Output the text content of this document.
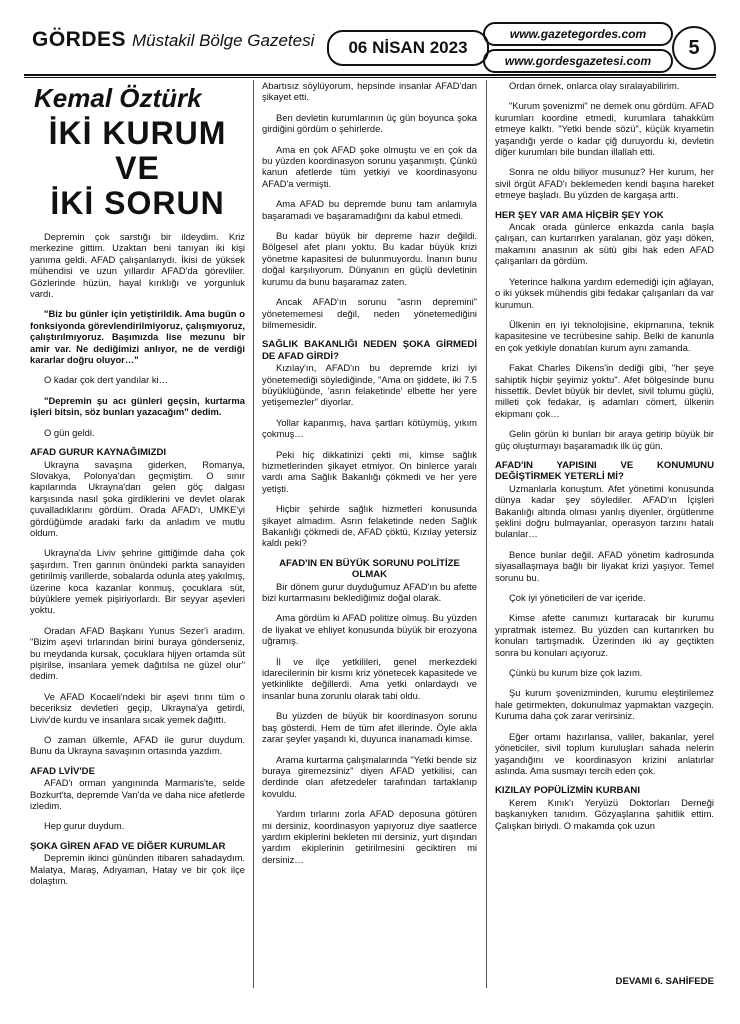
GÖRDES Müstakil Bölge Gazetesi	06 NİSAN 2023
www.gazetegordes.com
www.gordesgazetesi.com
5
Kemal Öztürk
İKİ KURUM
VE
İKİ SORUN

Depremin çok sarstığı bir ildeydim. Kriz merkezine gittim. Uzaktan beni tanıyan iki kişi yanıma geldi. AFAD çalışanlarıydı. İkisi de yüksek mühendisi ve uzun yıllardır AFAD'da görevliler. Gözlerinde hüzün, hayal kırıklığı ve yorgunluk vardı.

"Biz bu günler için yetiştirildik. Ama bugün o fonksiyonda görevlendirilmiyoruz, çalışmıyoruz, çalıştırılmıyoruz. Başımızda lise mezunu bir amir var. Ne dediğimizi anlıyor, ne de verdiği kararlar doğru oluyor…"

O kadar çok dert yandılar ki…

"Depremin şu acı günleri geçsin, kurtarma işleri bitsin, söz bunları yazacağım" dedim.

O gün geldi.

AFAD GURUR KAYNAĞIMIZDI

Ukrayna savaşına giderken, Romanya, Slovakya, Polonya'dan geçmiştim. O sınır kapılarında Ukrayna'dan gelen göç dalgası karşısında nasıl şoka girdiklerini ve devlet olarak çuvalladıklarını gördüm. Orada AFAD'ı, UMKE'yi gördüğümde aradaki farkı da anladım ve mutlu oldum.

Ukrayna'da Liviv şehrine gittiğimde daha çok şaşırdım. Tren garının önündeki parkta sanayiden getirilmiş varillerde, sobalarda odunla ateş yakılmış, üzerine koca kazanlar konmuş, çocuklara süt, büyüklere yemek pişiriyorlardı. Bir seyyar aşevleri yoktu.

Oradan AFAD Başkanı Yunus Sezer'i aradım. "Bizim aşevi tırlarından birini buraya gönderseniz, bu meydanda kursak, çocuklara hijyen ortamda süt pişirilse, insanlara yemek dağıtılsa ne güzel olur" dedim.

Ve AFAD Kocaeli'ndeki bir aşevi tırını tüm o beceriksiz devletleri geçip, Ukrayna'ya getirdi, Liviv'de kurdu ve insanlara sıcak yemek dağıttı.

O zaman ülkemle, AFAD ile gurur duydum. Bunu da Ukrayna savaşının ortasında yazdım.

AFAD LVİV'DE

AFAD'ı orman yangınında Marmaris'te, selde Bozkurt'ta, depremde Van'da ve daha nice afetlerde izledim.

Hep gurur duydum.

ŞOKA GİREN AFAD VE DİĞER KURUMLAR

Depremin ikinci gününden itibaren sahadaydım. Malatya, Maraş, Adıyaman, Hatay ve bir çok ilçe dolaştım.

Abartısız söylüyorum, hepsinde insanlar AFAD'dan şikayet etti.

Ben devletin kurumlarının üç gün boyunca şoka girdiğini gördüm o şehirlerde.

Ama en çok AFAD şoke olmuştu ve en çok da bu yüzden koordinasyon sorunu yaşanmıştı. Çünkü kanun afetlerde tüm yetkiyi ve koordinasyonu AFAD'a vermişti.

Ama AFAD bu depremde bunu tam anlamıyla başaramadı ve başaramadığını da kabul etmedi.

Bu kadar büyük bir depreme hazır değildi. Bölgesel afet planı yoktu. Bu kadar büyük krizi yönetme kapasitesi de bulunmuyordu. İnanın bunu doğal karşılıyorum. Dünyanın en güçlü devletinin kurumu da bunu başaramaz zaten.

Ancak AFAD'ın sorunu "asrın depremini" yönetememesi değil, neden yönetemediğini bilmemesidir.

SAĞLIK BAKANLIĞI NEDEN ŞOKA GİRMEDİ DE AFAD GİRDİ?

Kızılay'ın, AFAD'ın bu depremde krizi iyi yönetemediği söylediğinde, "Ama on şiddete, iki 7.5 büyüklüğünde, 'asrın felaketinde' elbette her yere yetişemezler" diyorlar.

Yollar kapanmış, hava şartları kötüymüş, yıkım çokmuş…

Peki hiç dikkatinizi çekti mi, kimse sağlık hizmetlerinden şikayet etmiyor. On binlerce yaralı vardı ama Sağlık Bakanlığı çökmedi ve her yere yetişti.

Hiçbir şehirde sağlık hizmetleri konusunda şikayet almadım. Asrın felaketinde neden Sağlık Bakanlığı çökmedi de, AFAD çöktü, Kızılay yetersiz kaldı peki?

AFAD'IN EN BÜYÜK SORUNU POLİTİZE OLMAK

Bir dönem gurur duyduğumuz AFAD'ın bu afette bizi kurtarmasını beklediğimiz doğal olarak.

Ama gördüm ki AFAD politize olmuş. Bu yüzden de liyakat ve ehliyet konusunda büyük bir erozyona uğramış.

İl ve ilçe yetkilileri, genel merkezdeki idarecilerinin bir kısmı kriz yönetecek kapasitede ve yetkinlikte değillerdi. Ama yetki onlardaydı ve insanlar buna zorunlu olarak tabi oldu.

Bu yüzden de büyük bir koordinasyon sorunu baş gösterdi. Hem de tüm afet illerinde. Öyle akla zarar şeyler yaşandı ki, duyunca inanamadı kimse.

Arama kurtarma çalışmalarında "Yetki bende siz buraya giremezsiniz" diyen AFAD yetkilisi, can derdinde olan afetzedeler tarafından tartaklanıp kovuldu.

Yardım tırlarını zorla AFAD deposuna götüren mi dersiniz, koordinasyon yapıyoruz diye saatlerce yardım ekiplerini bekleten mi dersiniz, yurt dışından yardım ekiplerinin getirilmesini geciktiren mi dersiniz…

Ordan örnek, onlarca olay sıralayabilirim.

"Kurum şovenizmi" ne demek onu gördüm. AFAD kurumları koordine etmedi, kurumlara tahakküm etmeye kalktı. "Yetki bende sözü", küçük kıyametin yaşandığı yerde o kadar çiğ duruyordu ki, devletin diğer kurumları bile bundan illallah etti.

Sonra ne oldu biliyor musunuz? Her kurum, her sivil örgüt AFAD'ı beklemeden kendi başına hareket etmeye başladı. Bu yüzden de kargaşa arttı.

HER ŞEY VAR AMA HİÇBİR ŞEY YOK

Ancak orada günlerce enkazda canla başla çalışan, can kurtarırken yaralanan, göz yaşı döken, makamını anasının ak sütü gibi hak eden AFAD çalışanları da gördüm.

Yeterince halkına yardım edemediği için ağlayan, o iki yüksek mühendis gibi fedakar çalışanları da var kurumun.

Ülkenin en iyi teknolojisine, ekipmanına, teknik kapasitesine ve tecrübesine sahip. Belki de kanunla en çok yetkiyle donatılan kurum aynı zamanda.

Fakat Charles Dikens'in dediği gibi, "her şeye sahiptik hiçbir şeyimiz yoktu". Afet bölgesinde bunu hissettik. Devlet büyük bir devlet, sivil tolumu güçlü, milleti çok fedakar, iş adamları cömert, ülkenin ekipmanı çok…

Gelin görün ki bunları bir araya getirip büyük bir güç oluşturmayı başaramadık ilk üç gün.

AFAD'IN YAPISINI VE KONUMUNU DEĞİŞTİRMEK YETERLİ Mİ?

Uzmanlarla konuştum. Afet yönetimi konusunda dünya kadar şey söylediler. AFAD'ın İçişleri Bakanlığı altında olması yanlış diyenler, örgütlenme şeklini doğru bulmayanlar, operasyon tarzını hatalı bulanlar…

Bence bunlar değil. AFAD yönetim kadrosunda siyasallaşmaya bağlı bir liyakat krizi yaşıyor. Temel sorunu bu.

Çok iyi yöneticileri de var içeride.

Kimse afette canımızı kurtaracak bir kurumu yıpratmak istemez. Bu yüzden can kurtarırken bu konuları tartışmadık. Üzerinden iki ay geçtikten sonra bu konuları açıyoruz.

Çünkü bu kurum bize çok lazım.

Şu kurum şovenizminden, kurumu eleştirilemez hale getirmekten, dokunulmaz yapmaktan vazgeçin. Kuruma daha çok zarar verirsiniz.

Eğer ortamı hazırlansa, valiler, bakanlar, yerel yöneticiler, sivil toplum kuruluşları sahada nelerin yaşandığını ve koordinasyon krizini anlatırlar aslında. Ama susmayı tercih eden çok.

KIZILAY POPÜLİZMİN KURBANI

Kerem Kınık'ı Yeryüzü Doktorları Derneği başkanıyken tanıdım. Gözyaşlarına şahitlik ettim. Çalışkan biriydi. O makamda çok uzun

DEVAMI 6. SAHİFEDE
